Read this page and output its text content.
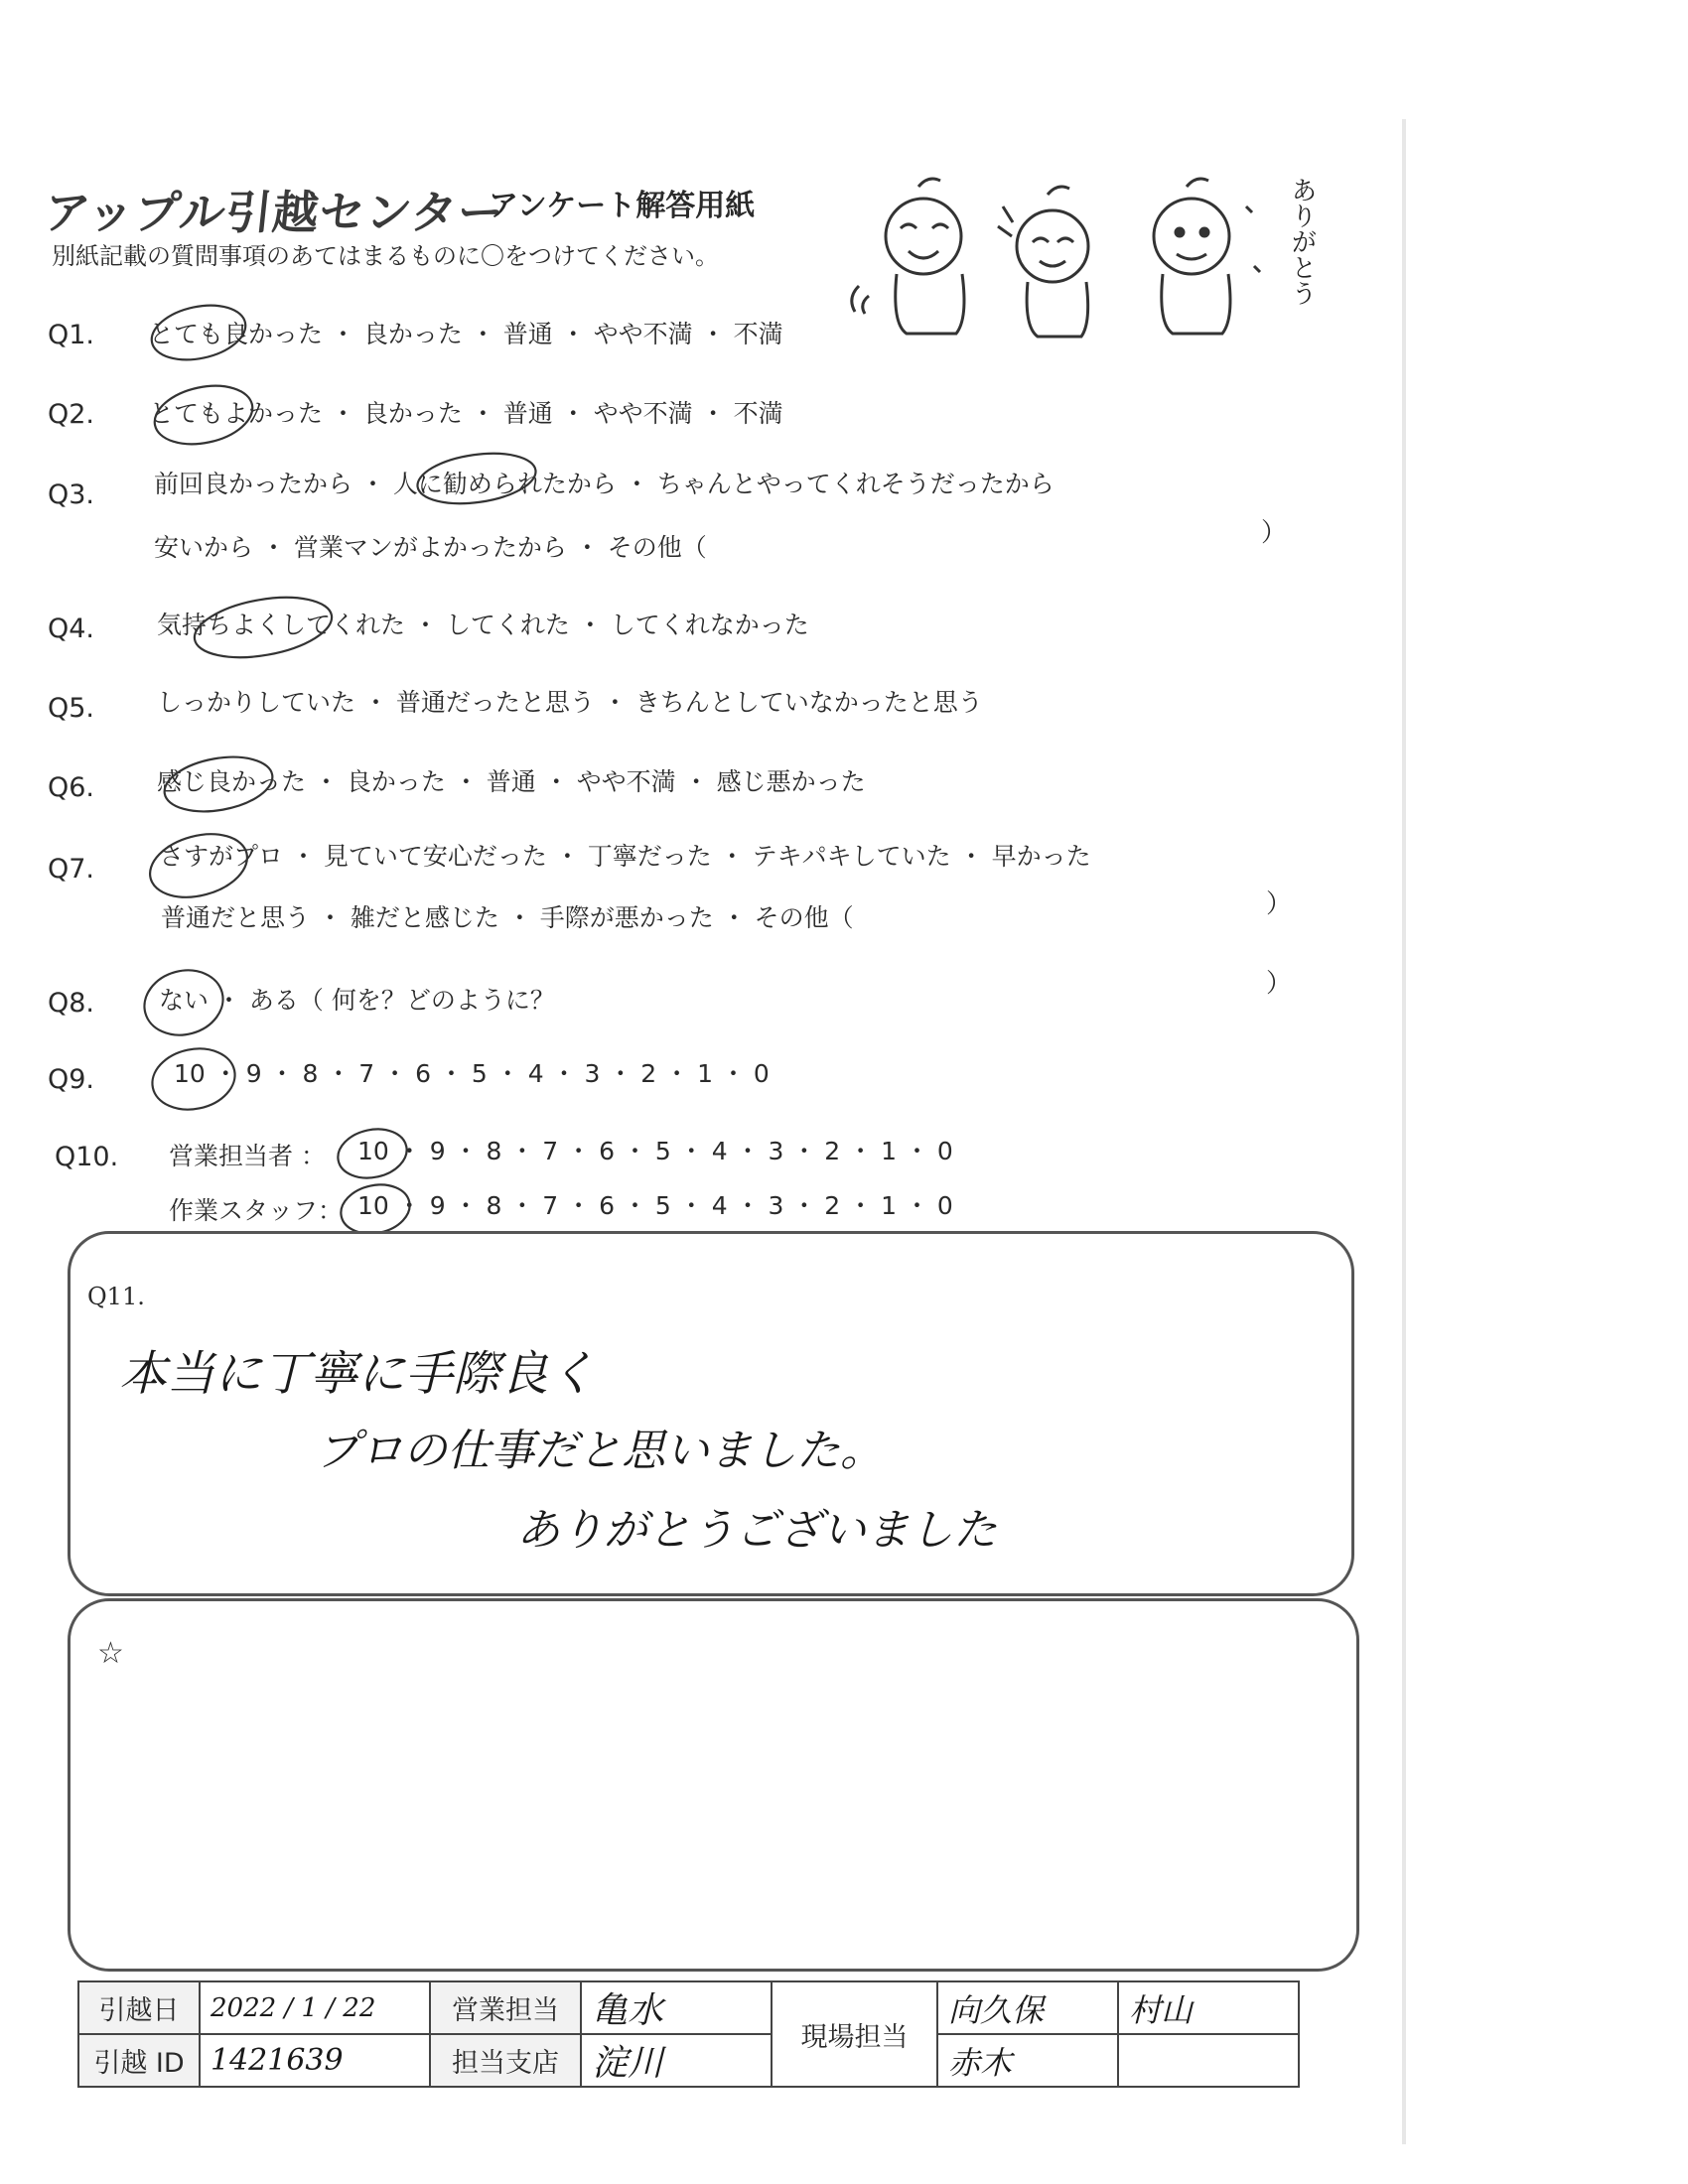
アップル引越センター
アンケート解答用紙
別紙記載の質問事項のあてはまるものに〇をつけてください。	ありがとう
Q1. とても良かった ・ 良かった ・ 普通 ・ やや不満 ・ 不満
Q2. とてもよかった ・ 良かった ・ 普通 ・ やや不満 ・ 不満
Q3. 前回良かったから ・ 人に勧められたから ・ ちゃんとやってくれそうだったから
安いから ・ 営業マンがよかったから ・ その他（	）
Q4.	気持ちよくしてくれた ・ してくれた ・ してくれなかった
Q5.	しっかりしていた ・ 普通だったと思う ・ きちんとしていなかったと思う
Q6.	感じ良かった ・ 良かった ・ 普通 ・ やや不満 ・ 感じ悪かった
Q7.	さすがプロ ・ 見ていて安心だった ・ 丁寧だった ・ テキパキしていた ・ 早かった
普通だと思う ・ 雑だと感じた ・ 手際が悪かった ・ その他（	）
Q8.	ない ・ ある（ 何を？どのように？
）
Q9.	10 ・ 9 ・ 8 ・ 7 ・ 6 ・ 5 ・ 4 ・ 3 ・ 2 ・ 1 ・ 0
Q10. 営業担当者 ： 10 ・ 9 ・ 8 ・ 7 ・ 6 ・ 5 ・ 4 ・ 3 ・ 2 ・ 1 ・ 0
作業スタッフ： 10 ・ 9 ・ 8 ・ 7 ・ 6 ・ 5 ・ 4 ・ 3 ・ 2 ・ 1 ・ 0
Q11.
本当に丁寧に手際良く
プロの仕事だと思いました。
ありがとうございました
☆
引越日	2022 / 1 / 22	営業担当	亀水	現場担当	向久保	村山
引越 ID	1421639	担当支店	淀川		赤木	
